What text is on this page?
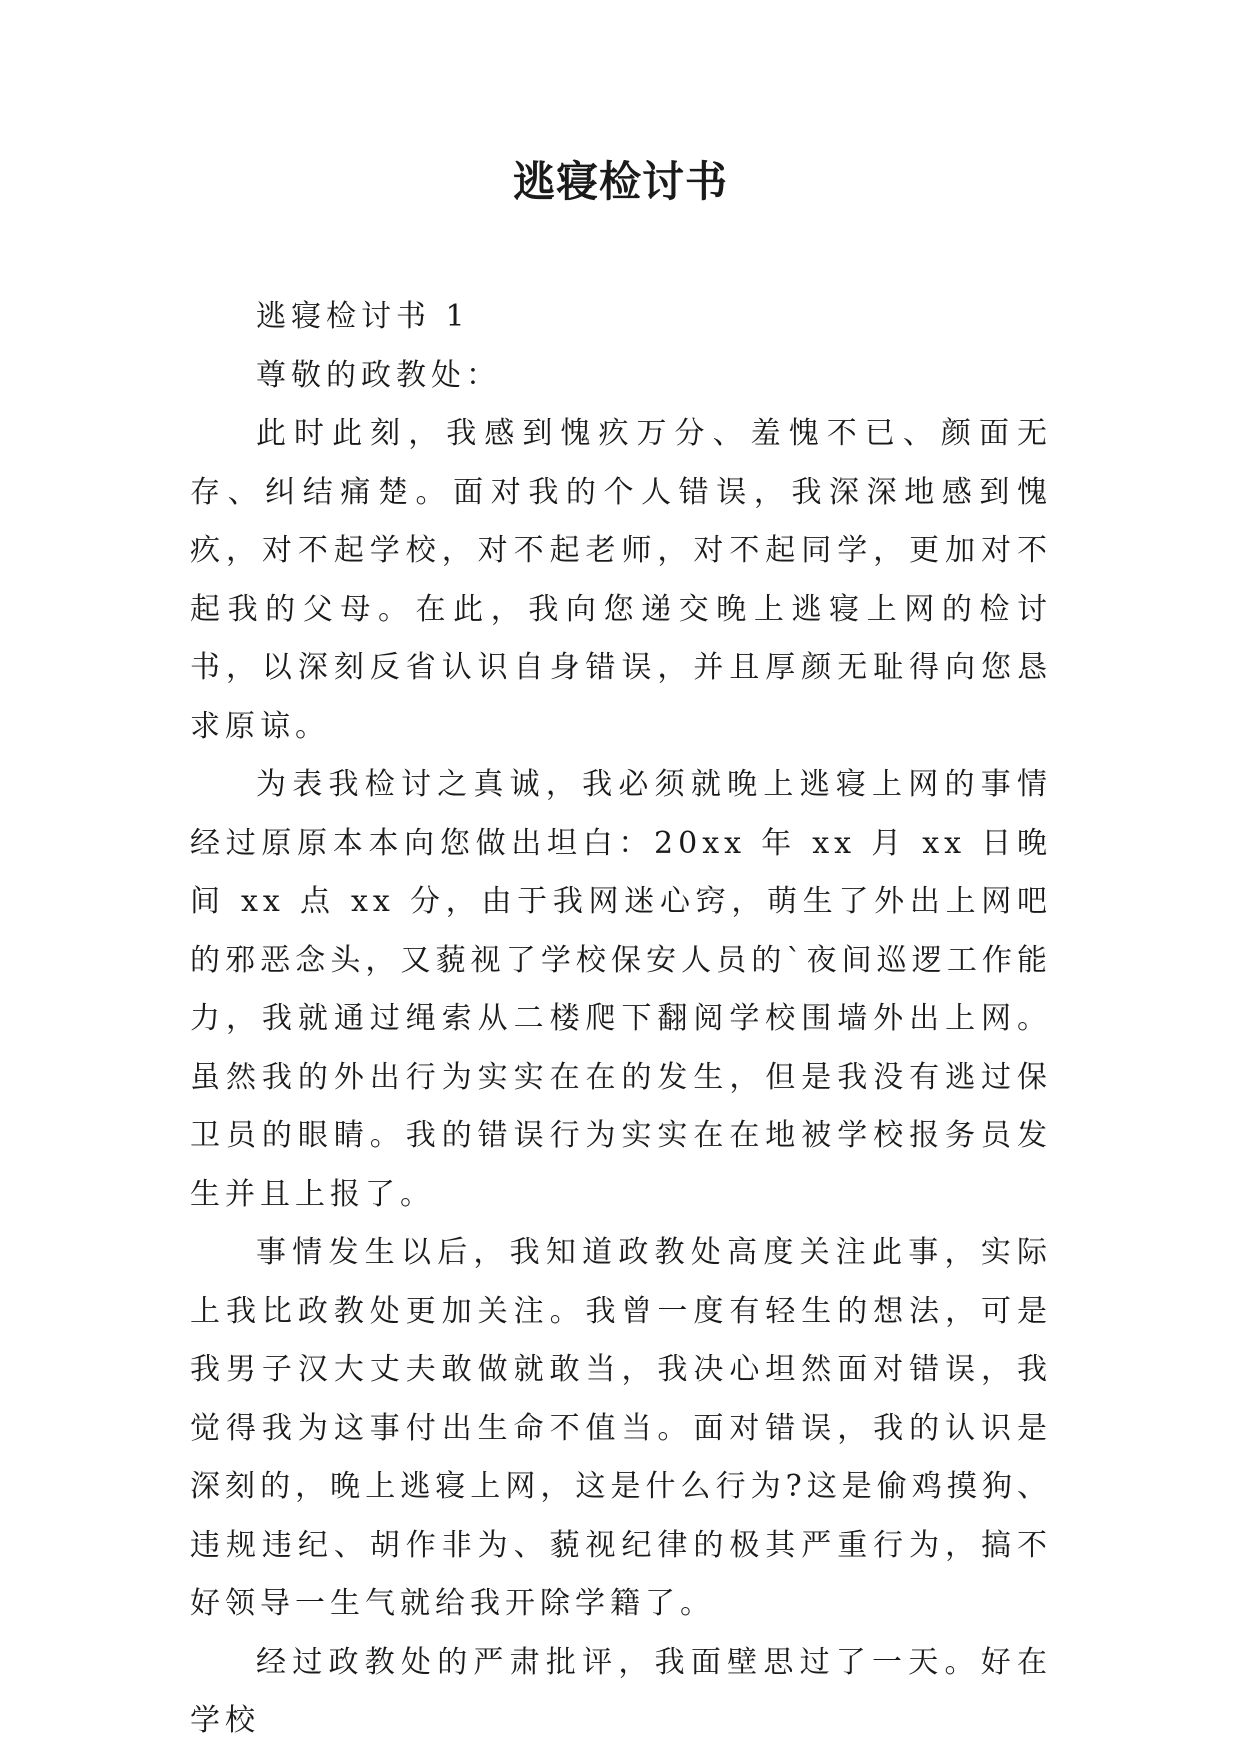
逃寝检讨书

逃寝检讨书 1

尊敬的政教处：

此时此刻，我感到愧疚万分、羞愧不已、颜面无存、纠结痛楚。面对我的个人错误，我深深地感到愧疚，对不起学校，对不起老师，对不起同学，更加对不起我的父母。在此，我向您递交晚上逃寝上网的检讨书，以深刻反省认识自身错误，并且厚颜无耻得向您恳求原谅。

为表我检讨之真诚，我必须就晚上逃寝上网的事情经过原原本本向您做出坦白：20xx 年 xx 月 xx 日晚间 xx 点 xx 分，由于我网迷心窍，萌生了外出上网吧的邪恶念头，又藐视了学校保安人员的`夜间巡逻工作能力，我就通过绳索从二楼爬下翻阅学校围墙外出上网。虽然我的外出行为实实在在的发生，但是我没有逃过保卫员的眼睛。我的错误行为实实在在地被学校报务员发生并且上报了。

事情发生以后，我知道政教处高度关注此事，实际上我比政教处更加关注。我曾一度有轻生的想法，可是我男子汉大丈夫敢做就敢当，我决心坦然面对错误，我觉得我为这事付出生命不值当。面对错误，我的认识是深刻的，晚上逃寝上网，这是什么行为?这是偷鸡摸狗、违规违纪、胡作非为、藐视纪律的极其严重行为，搞不好领导一生气就给我开除学籍了。

经过政教处的严肃批评，我面壁思过了一天。好在学校
